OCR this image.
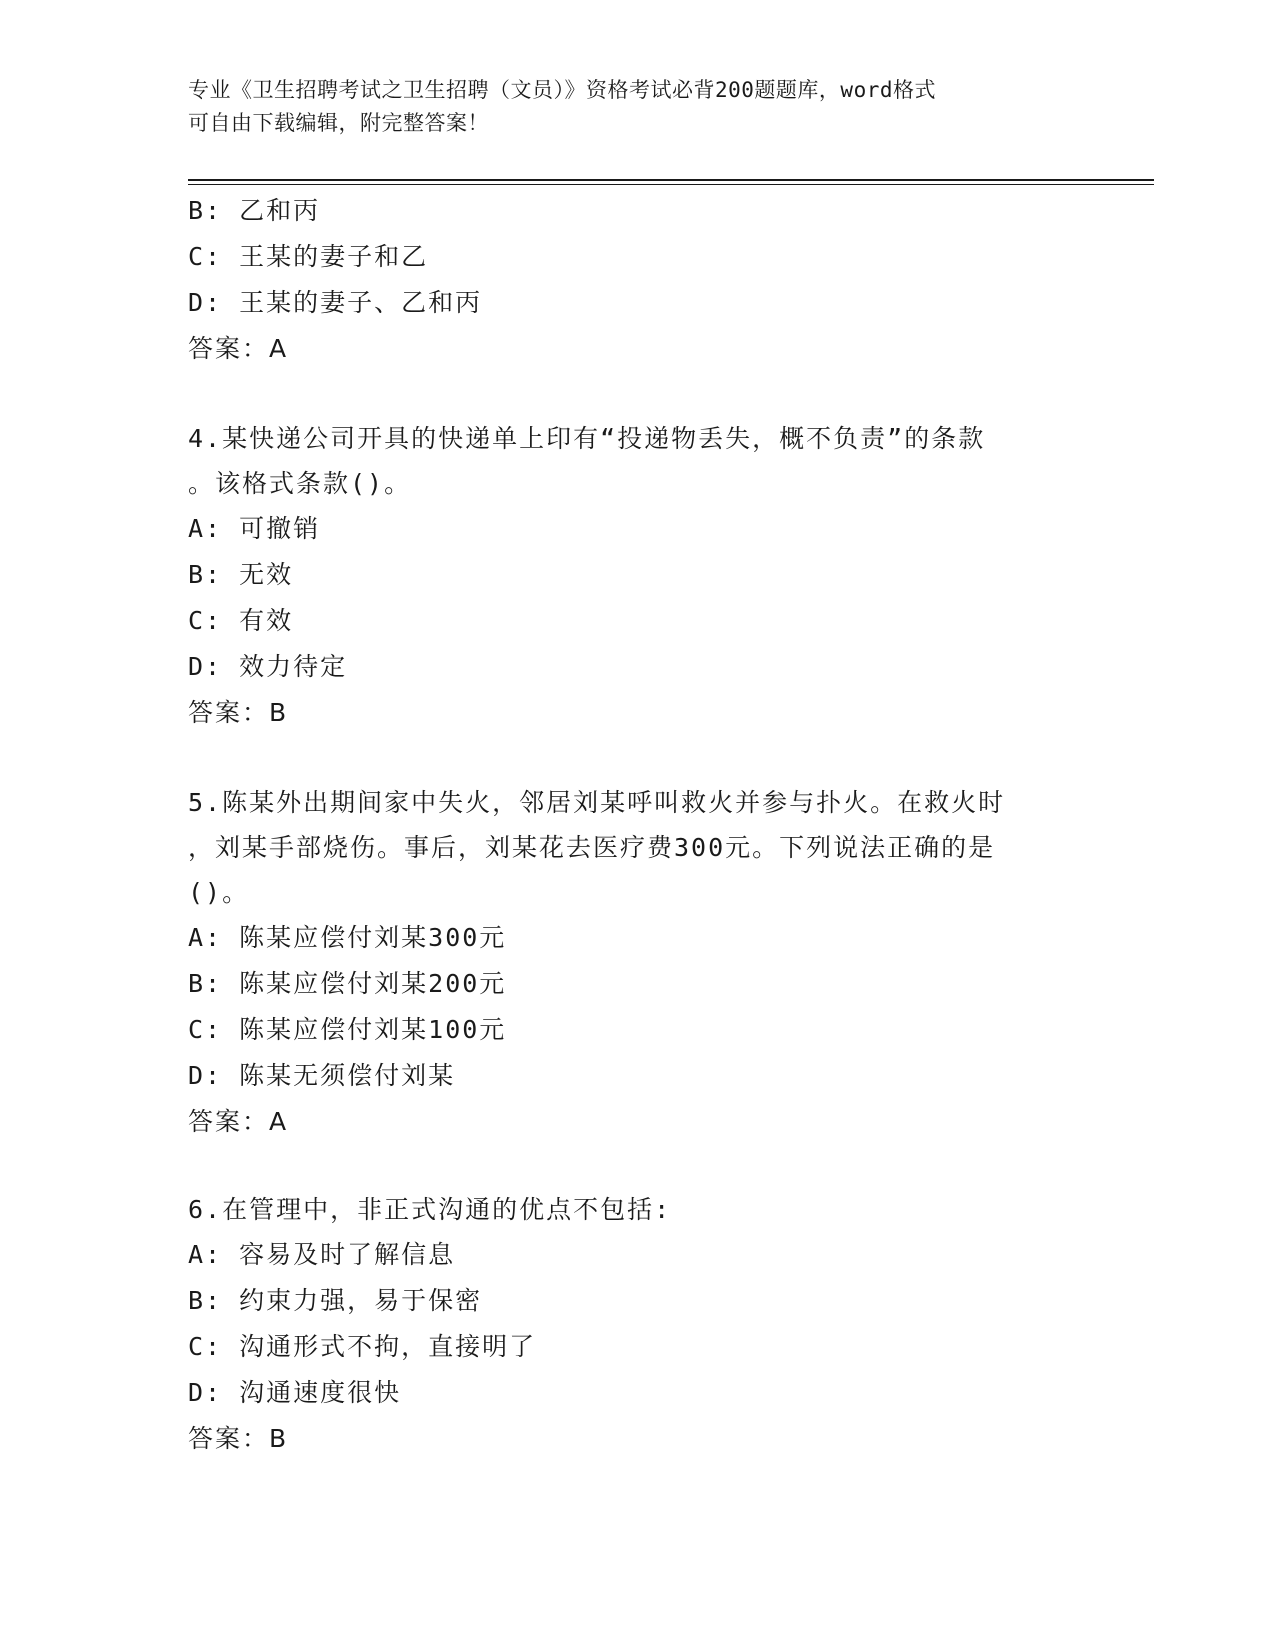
专业《卫生招聘考试之卫生招聘（文员）》资格考试必背200题题库，word格式
可自由下载编辑，附完整答案！
B: 乙和丙
C: 王某的妻子和乙
D: 王某的妻子、乙和丙
答案：A
4.某快递公司开具的快递单上印有“投递物丢失，概不负责”的条款
。该格式条款()。
A: 可撤销
B: 无效
C: 有效
D: 效力待定
答案：B
5.陈某外出期间家中失火，邻居刘某呼叫救火并参与扑火。在救火时
，刘某手部烧伤。事后，刘某花去医疗费300元。下列说法正确的是
()。
A: 陈某应偿付刘某300元
B: 陈某应偿付刘某200元
C: 陈某应偿付刘某100元
D: 陈某无须偿付刘某
答案：A
6.在管理中，非正式沟通的优点不包括:
A: 容易及时了解信息
B: 约束力强，易于保密
C: 沟通形式不拘，直接明了
D: 沟通速度很快
答案：B
